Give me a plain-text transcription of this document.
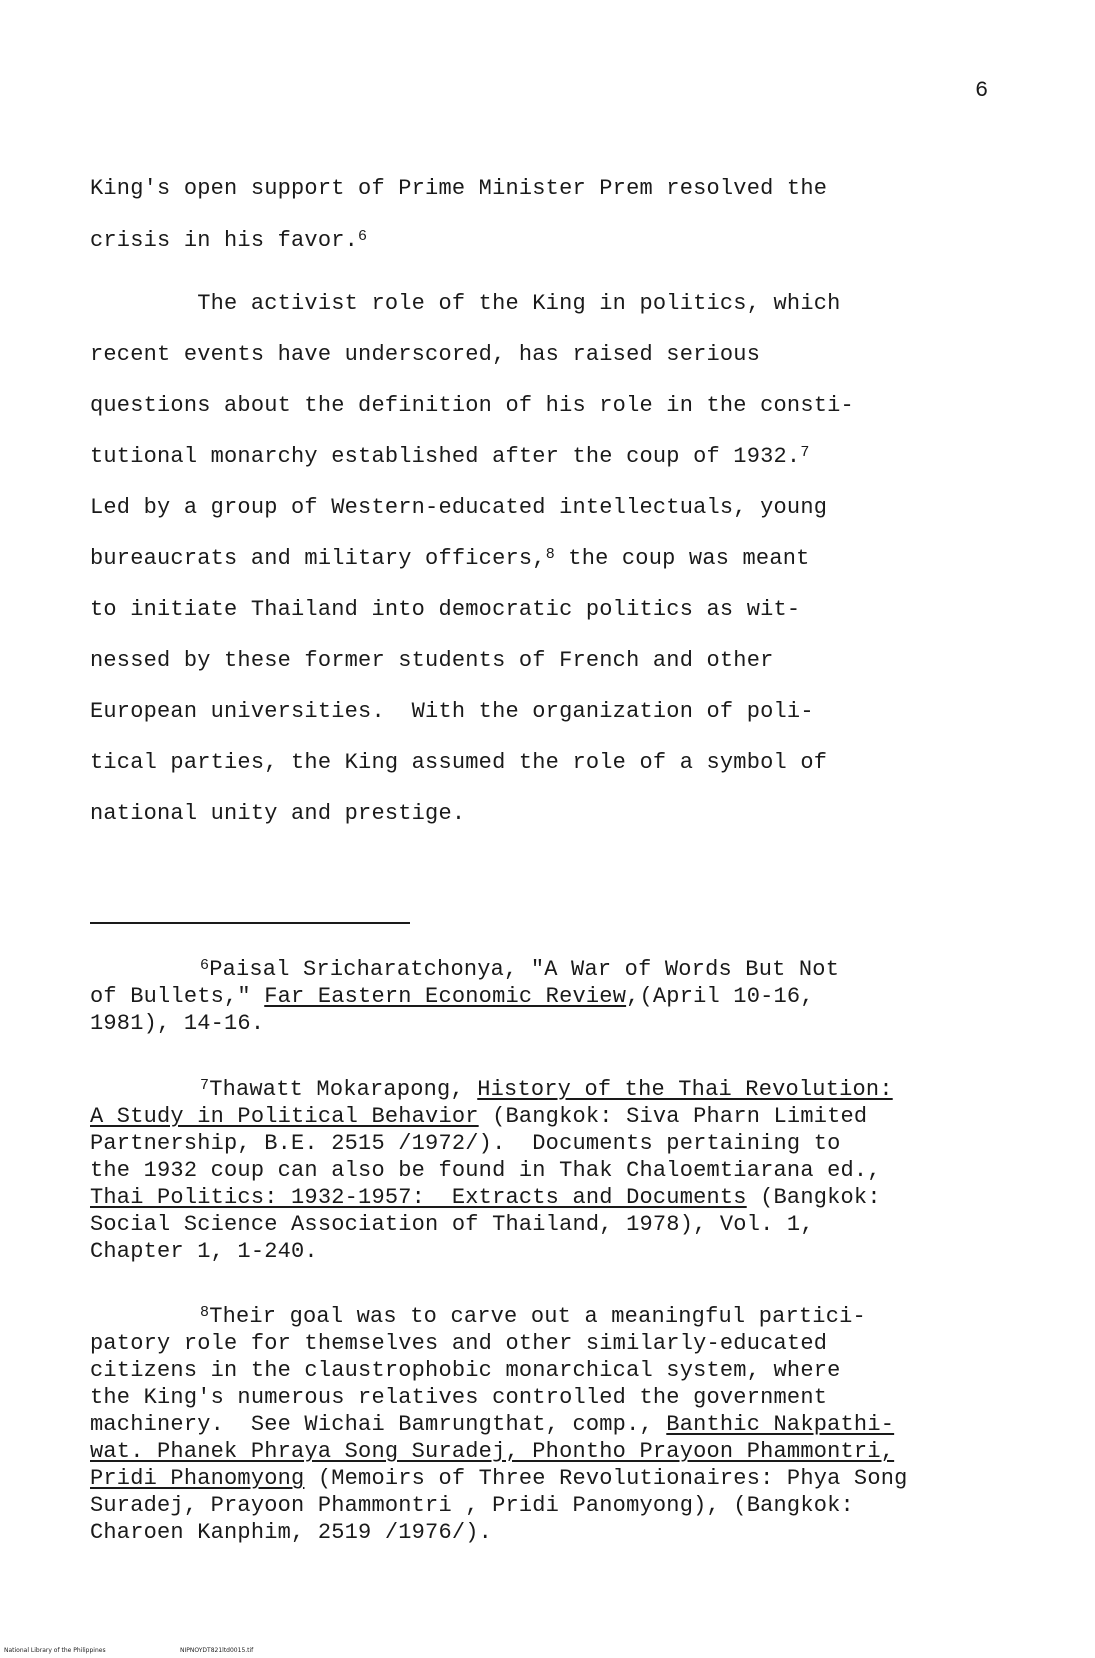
6
King's open support of Prime Minister Prem resolved the
crisis in his favor.$^6$
The activist role of the King in politics, which
recent events have underscored, has raised serious
questions about the definition of his role in the consti-
tutional monarchy established after the coup of 1932.$^7$
Led by a group of Western-educated intellectuals, young
bureaucrats and military officers,$^8$ the coup was meant
to initiate Thailand into democratic politics as wit-
nessed by these former students of French and other
European universities.  With the organization of poli-
tical parties, the King assumed the role of a symbol of
national unity and prestige.
$^6$Paisal Sricharatchonya, "A War of Words But Not
of Bullets," Far Eastern Economic Review,(April 10-16,
1981), 14-16.
$^7$Thawatt Mokarapong, History of the Thai Revolution:
A Study in Political Behavior (Bangkok: Siva Pharn Limited
Partnership, B.E. 2515 /1972/).  Documents pertaining to
the 1932 coup can also be found in Thak Chaloemtiarana ed.,
Thai Politics: 1932-1957:  Extracts and Documents (Bangkok:
Social Science Association of Thailand, 1978), Vol. 1,
Chapter 1, 1-240.
$^8$Their goal was to carve out a meaningful partici-
patory role for themselves and other similarly-educated
citizens in the claustrophobic monarchical system, where
the King's numerous relatives controlled the government
machinery.  See Wichai Bamrungthat, comp., Banthic Nakpathi-
wat. Phanek Phraya Song Suradej, Phontho Prayoon Phammontri,
Pridi Phanomyong (Memoirs of Three Revolutionaires: Phya Song
Suradej, Prayoon Phammontri , Pridi Panomyong), (Bangkok:
Charoen Kanphim, 2519 /1976/).
National Library of the Philippines	NIPNOYDT821ltd0015.tif
